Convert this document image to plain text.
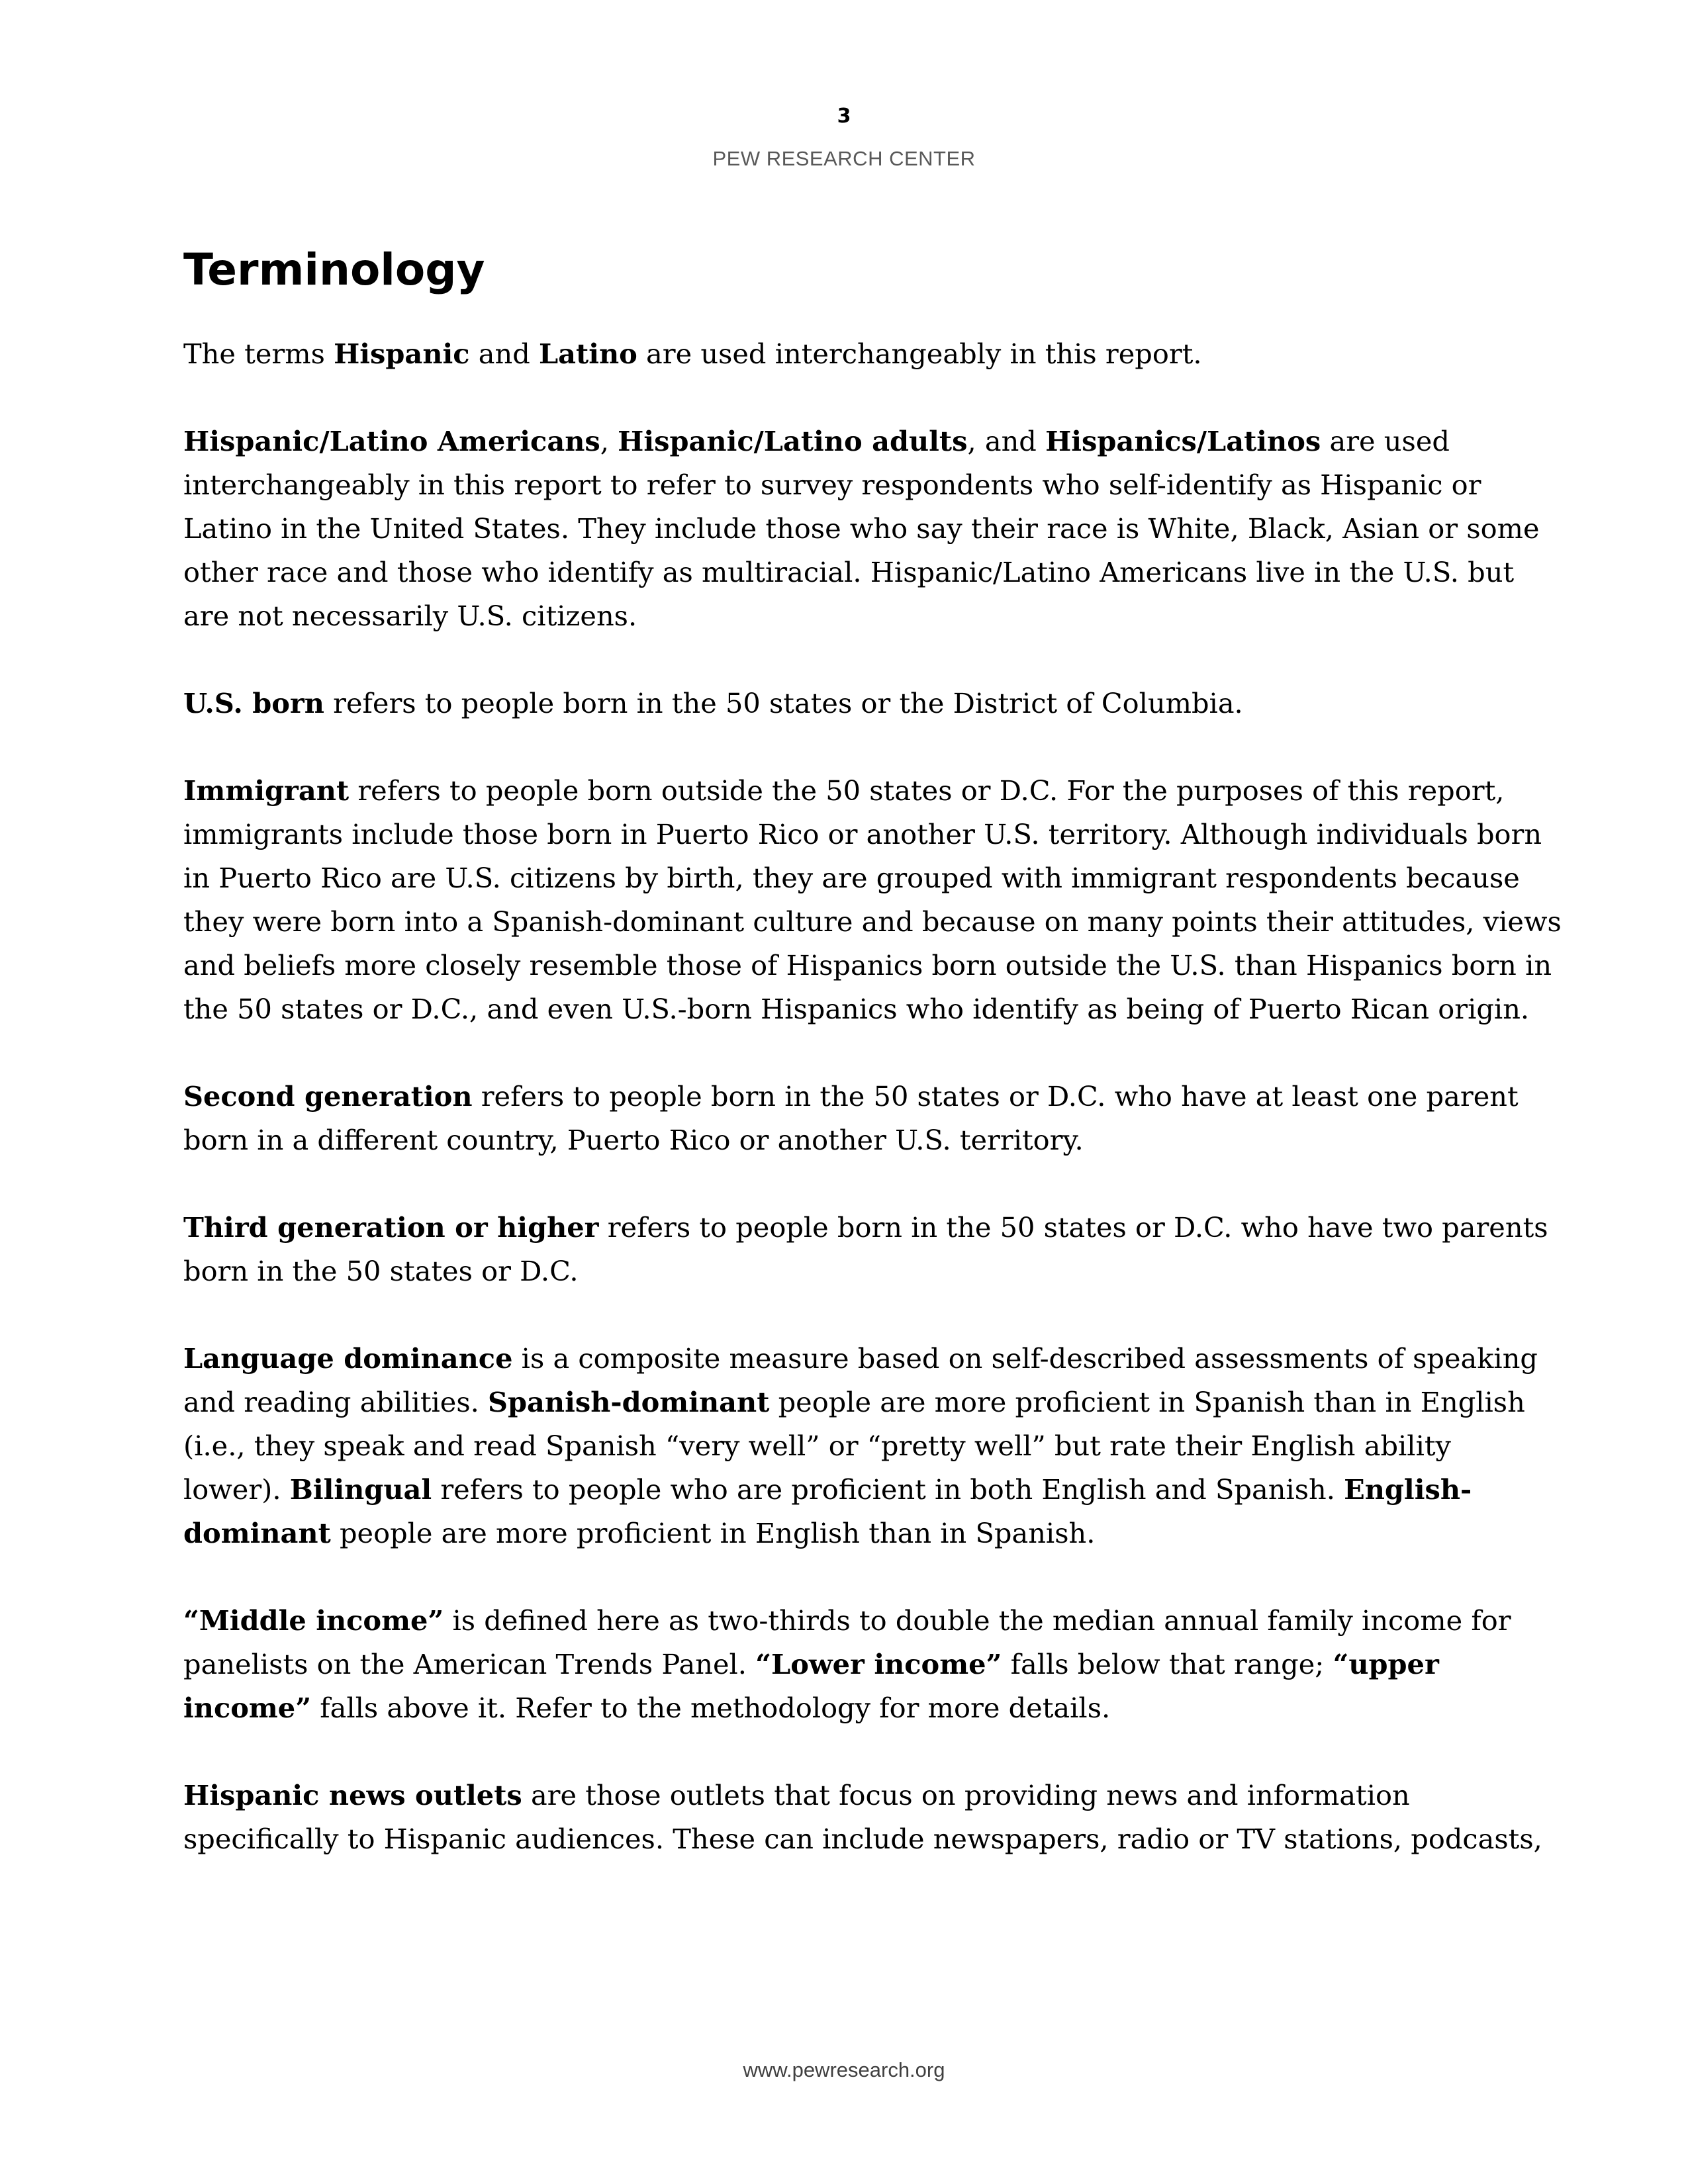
3
PEW RESEARCH CENTER
Terminology

The terms Hispanic and Latino are used interchangeably in this report.

Hispanic/Latino Americans, Hispanic/Latino adults, and Hispanics/Latinos are used
interchangeably in this report to refer to survey respondents who self-identify as Hispanic or
Latino in the United States. They include those who say their race is White, Black, Asian or some
other race and those who identify as multiracial. Hispanic/Latino Americans live in the U.S. but
are not necessarily U.S. citizens.

U.S. born refers to people born in the 50 states or the District of Columbia.

Immigrant refers to people born outside the 50 states or D.C. For the purposes of this report,
immigrants include those born in Puerto Rico or another U.S. territory. Although individuals born
in Puerto Rico are U.S. citizens by birth, they are grouped with immigrant respondents because
they were born into a Spanish-dominant culture and because on many points their attitudes, views
and beliefs more closely resemble those of Hispanics born outside the U.S. than Hispanics born in
the 50 states or D.C., and even U.S.-born Hispanics who identify as being of Puerto Rican origin.

Second generation refers to people born in the 50 states or D.C. who have at least one parent
born in a different country, Puerto Rico or another U.S. territory.

Third generation or higher refers to people born in the 50 states or D.C. who have two parents
born in the 50 states or D.C.

Language dominance is a composite measure based on self-described assessments of speaking
and reading abilities. Spanish-dominant people are more proficient in Spanish than in English
(i.e., they speak and read Spanish “very well” or “pretty well” but rate their English ability
lower). Bilingual refers to people who are proficient in both English and Spanish. English-
dominant people are more proficient in English than in Spanish.

“Middle income” is defined here as two-thirds to double the median annual family income for
panelists on the American Trends Panel. “Lower income” falls below that range; “upper
income” falls above it. Refer to the methodology for more details.

Hispanic news outlets are those outlets that focus on providing news and information
specifically to Hispanic audiences. These can include newspapers, radio or TV stations, podcasts,

www.pewresearch.org
